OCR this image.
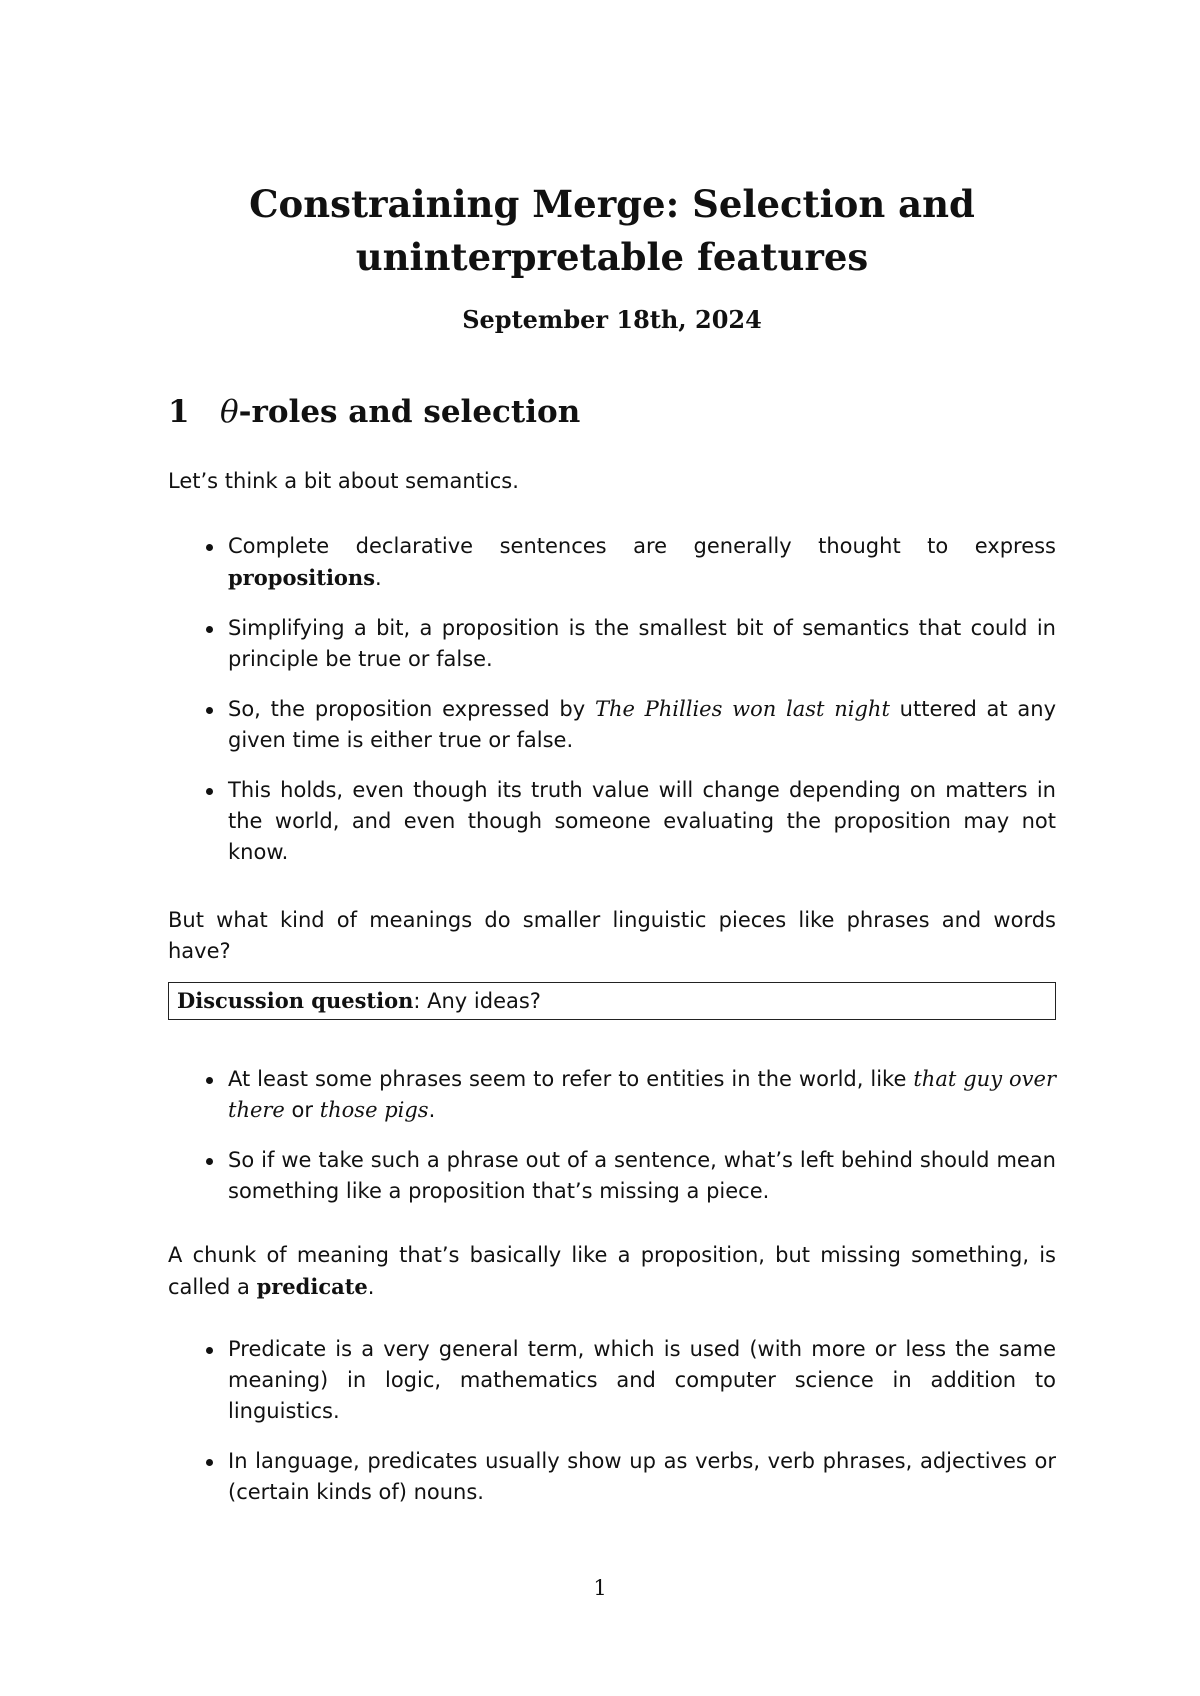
Constraining Merge: Selection and
uninterpretable features

September 18th, 2024

1 θ-roles and selection

Let’s think a bit about semantics.

Complete declarative sentences are generally thought to express propositions.
Simplifying a bit, a proposition is the smallest bit of semantics that could in principle be true or false.
So, the proposition expressed by The Phillies won last night uttered at any given time is either true or false.
This holds, even though its truth value will change depending on matters in the world, and even though someone evaluating the proposition may not know.

But what kind of meanings do smaller linguistic pieces like phrases and words have?

Discussion question: Any ideas?
At least some phrases seem to refer to entities in the world, like that guy over there or those pigs.
So if we take such a phrase out of a sentence, what’s left behind should mean something like a proposition that’s missing a piece.

A chunk of meaning that’s basically like a proposition, but missing something, is called a predicate.

Predicate is a very general term, which is used (with more or less the same meaning) in logic, mathematics and computer science in addition to linguistics.
In language, predicates usually show up as verbs, verb phrases, adjectives or (certain kinds of) nouns.

1
